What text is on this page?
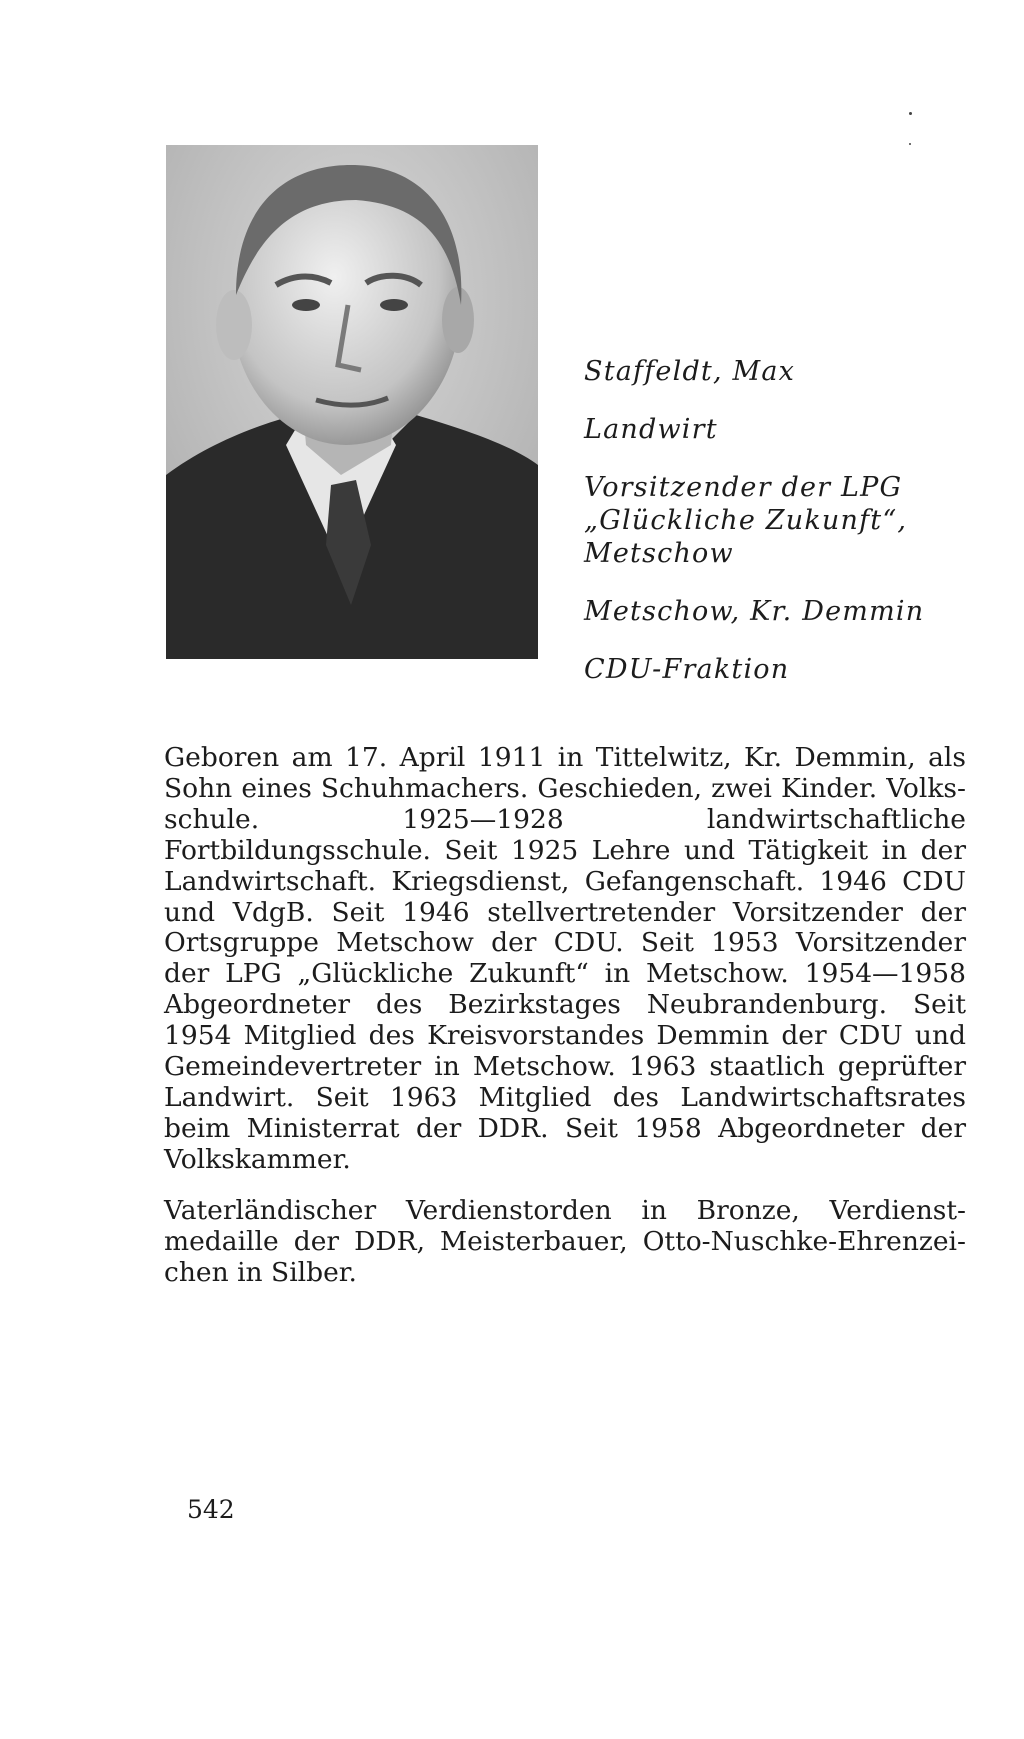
Staffeldt, Max
Landwirt
Vorsitzender der LPG
„Glückliche Zukunft“,
Metschow
Metschow, Kr. Demmin
CDU-Fraktion

Geboren am 17. April 1911 in Tittelwitz, Kr. Demmin, als Sohn eines Schuhmachers. Geschieden, zwei Kinder. Volksschule. 1925—1928 landwirtschaftliche Fortbildungsschule. Seit 1925 Lehre und Tätigkeit in der Landwirtschaft. Kriegsdienst, Gefangenschaft. 1946 CDU und VdgB. Seit 1946 stellvertretender Vorsitzender der Ortsgruppe Metschow der CDU. Seit 1953 Vorsitzender der LPG „Glückliche Zukunft“ in Metschow. 1954—1958 Abgeordneter des Bezirkstages Neubrandenburg. Seit 1954 Mitglied des Kreisvorstandes Demmin der CDU und Gemeindevertreter in Metschow. 1963 staatlich geprüfter Landwirt. Seit 1963 Mitglied des Landwirtschaftsrates beim Ministerrat der DDR. Seit 1958 Abgeordneter der Volkskammer.

Vaterländischer Verdienstorden in Bronze, Verdienstmedaille der DDR, Meisterbauer, Otto-Nuschke-Ehrenzeichen in Silber.

542
